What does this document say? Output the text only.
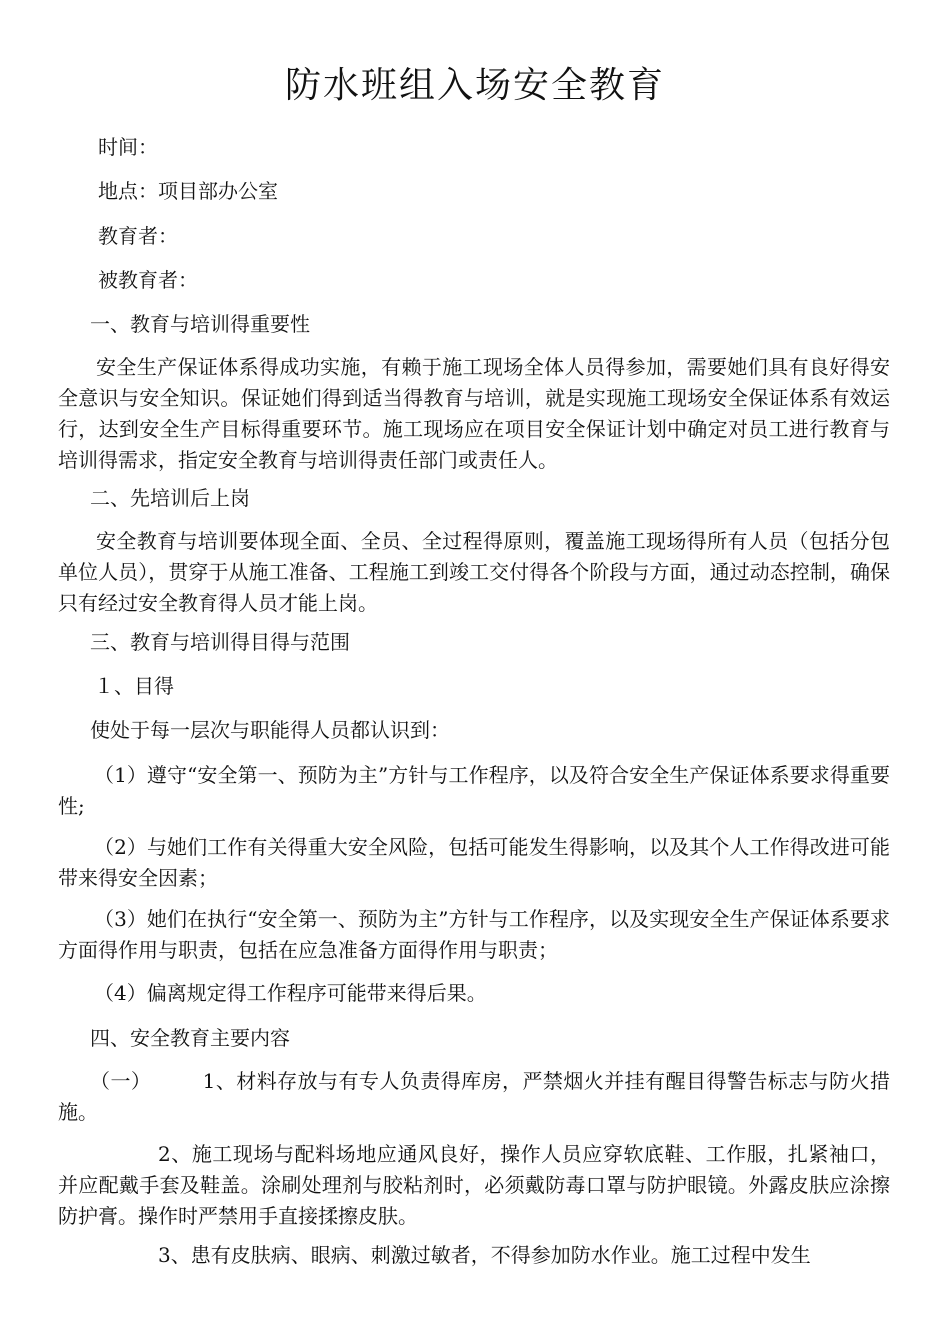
防水班组入场安全教育
时间：
地点：项目部办公室
教育者：
被教育者：
一、教育与培训得重要性
安全生产保证体系得成功实施，有赖于施工现场全体人员得参加，需要她们具有良好得安全意识与安全知识。保证她们得到适当得教育与培训，就是实现施工现场安全保证体系有效运行，达到安全生产目标得重要环节。施工现场应在项目安全保证计划中确定对员工进行教育与培训得需求，指定安全教育与培训得责任部门或责任人。
二、先培训后上岗
安全教育与培训要体现全面、全员、全过程得原则，覆盖施工现场得所有人员（包括分包单位人员），贯穿于从施工准备、工程施工到竣工交付得各个阶段与方面，通过动态控制，确保只有经过安全教育得人员才能上岗。
三、教育与培训得目得与范围
１、目得
使处于每一层次与职能得人员都认识到：
（1）遵守“安全第一、预防为主”方针与工作程序，以及符合安全生产保证体系要求得重要性;
（2）与她们工作有关得重大安全风险，包括可能发生得影响，以及其个人工作得改进可能带来得安全因素；
（3）她们在执行“安全第一、预防为主”方针与工作程序，以及实现安全生产保证体系要求方面得作用与职责，包括在应急准备方面得作用与职责；
（4）偏离规定得工作程序可能带来得后果。
四、安全教育主要内容
（一）　　　1、材料存放与有专人负责得库房，严禁烟火并挂有醒目得警告标志与防火措施。
2、施工现场与配料场地应通风良好，操作人员应穿软底鞋、工作服，扎紧袖口，并应配戴手套及鞋盖。涂刷处理剂与胶粘剂时，必须戴防毒口罩与防护眼镜。外露皮肤应涂擦防护膏。操作时严禁用手直接揉擦皮肤。
3、患有皮肤病、眼病、刺激过敏者，不得参加防水作业。施工过程中发生
